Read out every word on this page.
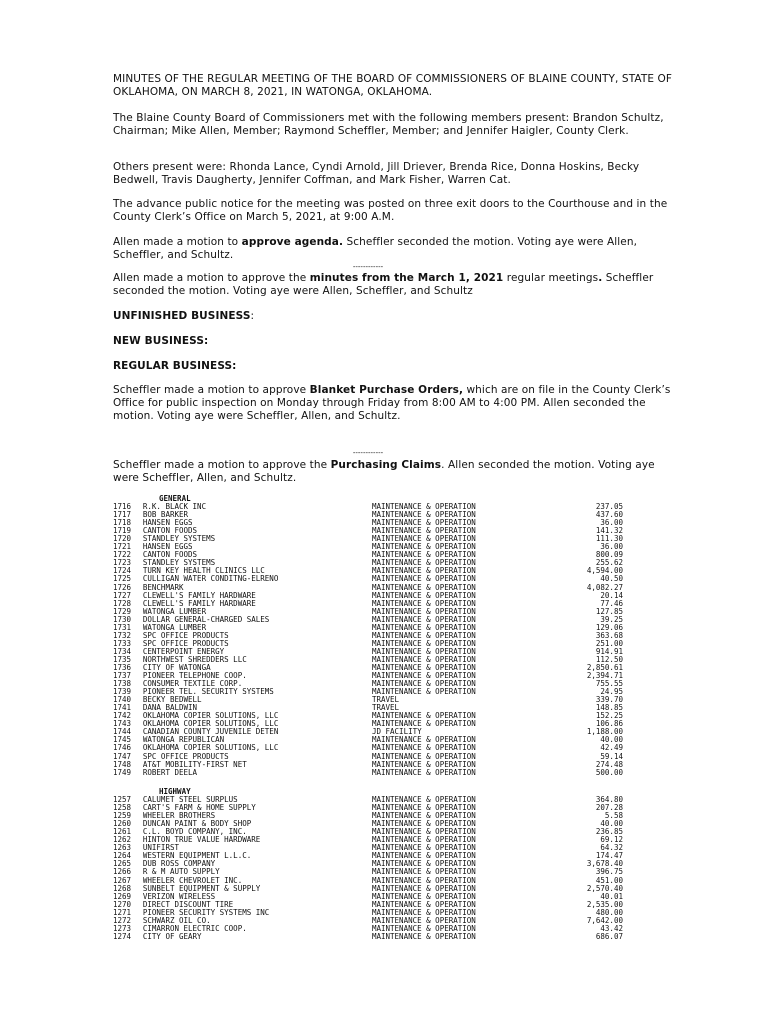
MINUTES OF THE REGULAR MEETING OF THE BOARD OF COMMISSIONERS OF BLAINE COUNTY, STATE OF OKLAHOMA, ON MARCH 8, 2021, IN WATONGA, OKLAHOMA.

The Blaine County Board of Commissioners met with the following members present: Brandon Schultz, Chairman; Mike Allen, Member; Raymond Scheffler, Member; and Jennifer Haigler, County Clerk.

Others present were: Rhonda Lance, Cyndi Arnold, Jill Driever, Brenda Rice, Donna Hoskins, Becky Bedwell, Travis Daugherty, Jennifer Coffman, and Mark Fisher, Warren Cat.

The advance public notice for the meeting was posted on three exit doors to the Courthouse and in the County Clerk’s Office on March 5, 2021, at 9:00 A.M.

Allen made a motion to approve agenda. Scheffler seconded the motion. Voting aye were Allen, Scheffler, and Schultz.

------------

Allen made a motion to approve the minutes from the March 1, 2021 regular meetings. Scheffler seconded the motion. Voting aye were Allen, Scheffler, and Schultz

UNFINISHED BUSINESS:

NEW BUSINESS:

REGULAR BUSINESS:

Scheffler made a motion to approve Blanket Purchase Orders, which are on file in the County Clerk’s Office for public inspection on Monday through Friday from 8:00 AM to 4:00 PM. Allen seconded the motion. Voting aye were Scheffler, Allen, and Schultz.

------------

Scheffler made a motion to approve the Purchasing Claims. Allen seconded the motion. Voting aye were Scheffler, Allen, and Schultz.

GENERAL
1716	R.K. BLACK INC	MAINTENANCE & OPERATION	237.05
1717	BOB BARKER	MAINTENANCE & OPERATION	437.60
1718	HANSEN EGGS	MAINTENANCE & OPERATION	36.00
1719	CANTON FOODS	MAINTENANCE & OPERATION	141.32
1720	STANDLEY SYSTEMS	MAINTENANCE & OPERATION	111.30
1721	HANSEN EGGS	MAINTENANCE & OPERATION	36.00
1722	CANTON FOODS	MAINTENANCE & OPERATION	800.09
1723	STANDLEY SYSTEMS	MAINTENANCE & OPERATION	255.62
1724	TURN KEY HEALTH CLINICS LLC	MAINTENANCE & OPERATION	4,594.00
1725	CULLIGAN WATER CONDITNG-ELRENO	MAINTENANCE & OPERATION	40.50
1726	BENCHMARK	MAINTENANCE & OPERATION	4,082.27
1727	CLEWELL'S FAMILY HARDWARE	MAINTENANCE & OPERATION	20.14
1728	CLEWELL'S FAMILY HARDWARE	MAINTENANCE & OPERATION	77.46
1729	WATONGA LUMBER	MAINTENANCE & OPERATION	127.85
1730	DOLLAR GENERAL-CHARGED SALES	MAINTENANCE & OPERATION	39.25
1731	WATONGA LUMBER	MAINTENANCE & OPERATION	129.06
1732	SPC OFFICE PRODUCTS	MAINTENANCE & OPERATION	363.68
1733	SPC OFFICE PRODUCTS	MAINTENANCE & OPERATION	251.00
1734	CENTERPOINT ENERGY	MAINTENANCE & OPERATION	914.91
1735	NORTHWEST SHREDDERS LLC	MAINTENANCE & OPERATION	112.50
1736	CITY OF WATONGA	MAINTENANCE & OPERATION	2,850.61
1737	PIONEER TELEPHONE COOP.	MAINTENANCE & OPERATION	2,394.71
1738	CONSUMER TEXTILE CORP.	MAINTENANCE & OPERATION	755.55
1739	PIONEER TEL. SECURITY SYSTEMS	MAINTENANCE & OPERATION	24.95
1740	BECKY BEDWELL	TRAVEL	339.70
1741	DANA BALDWIN	TRAVEL	148.85
1742	OKLAHOMA COPIER SOLUTIONS, LLC	MAINTENANCE & OPERATION	152.25
1743	OKLAHOMA COPIER SOLUTIONS, LLC	MAINTENANCE & OPERATION	106.86
1744	CANADIAN COUNTY JUVENILE DETEN	JD FACILITY	1,188.00
1745	WATONGA REPUBLICAN	MAINTENANCE & OPERATION	40.00
1746	OKLAHOMA COPIER SOLUTIONS, LLC	MAINTENANCE & OPERATION	42.49
1747	SPC OFFICE PRODUCTS	MAINTENANCE & OPERATION	59.14
1748	AT&T MOBILITY-FIRST NET	MAINTENANCE & OPERATION	274.48
1749	ROBERT DEELA	MAINTENANCE & OPERATION	500.00
HIGHWAY
1257	CALUMET STEEL SURPLUS	MAINTENANCE & OPERATION	364.80
1258	CART'S FARM & HOME SUPPLY	MAINTENANCE & OPERATION	207.28
1259	WHEELER BROTHERS	MAINTENANCE & OPERATION	5.58
1260	DUNCAN PAINT & BODY SHOP	MAINTENANCE & OPERATION	40.00
1261	C.L. BOYD COMPANY, INC.	MAINTENANCE & OPERATION	236.85
1262	HINTON TRUE VALUE HARDWARE	MAINTENANCE & OPERATION	69.12
1263	UNIFIRST	MAINTENANCE & OPERATION	64.32
1264	WESTERN EQUIPMENT L.L.C.	MAINTENANCE & OPERATION	174.47
1265	DUB ROSS COMPANY	MAINTENANCE & OPERATION	3,678.40
1266	R & M AUTO SUPPLY	MAINTENANCE & OPERATION	396.75
1267	WHEELER CHEVROLET INC.	MAINTENANCE & OPERATION	451.00
1268	SUNBELT EQUIPMENT & SUPPLY	MAINTENANCE & OPERATION	2,570.40
1269	VERIZON WIRELESS	MAINTENANCE & OPERATION	40.01
1270	DIRECT DISCOUNT TIRE	MAINTENANCE & OPERATION	2,535.00
1271	PIONEER SECURITY SYSTEMS INC	MAINTENANCE & OPERATION	480.00
1272	SCHWARZ OIL CO.	MAINTENANCE & OPERATION	7,642.00
1273	CIMARRON ELECTRIC COOP.	MAINTENANCE & OPERATION	43.42
1274	CITY OF GEARY	MAINTENANCE & OPERATION	686.07
